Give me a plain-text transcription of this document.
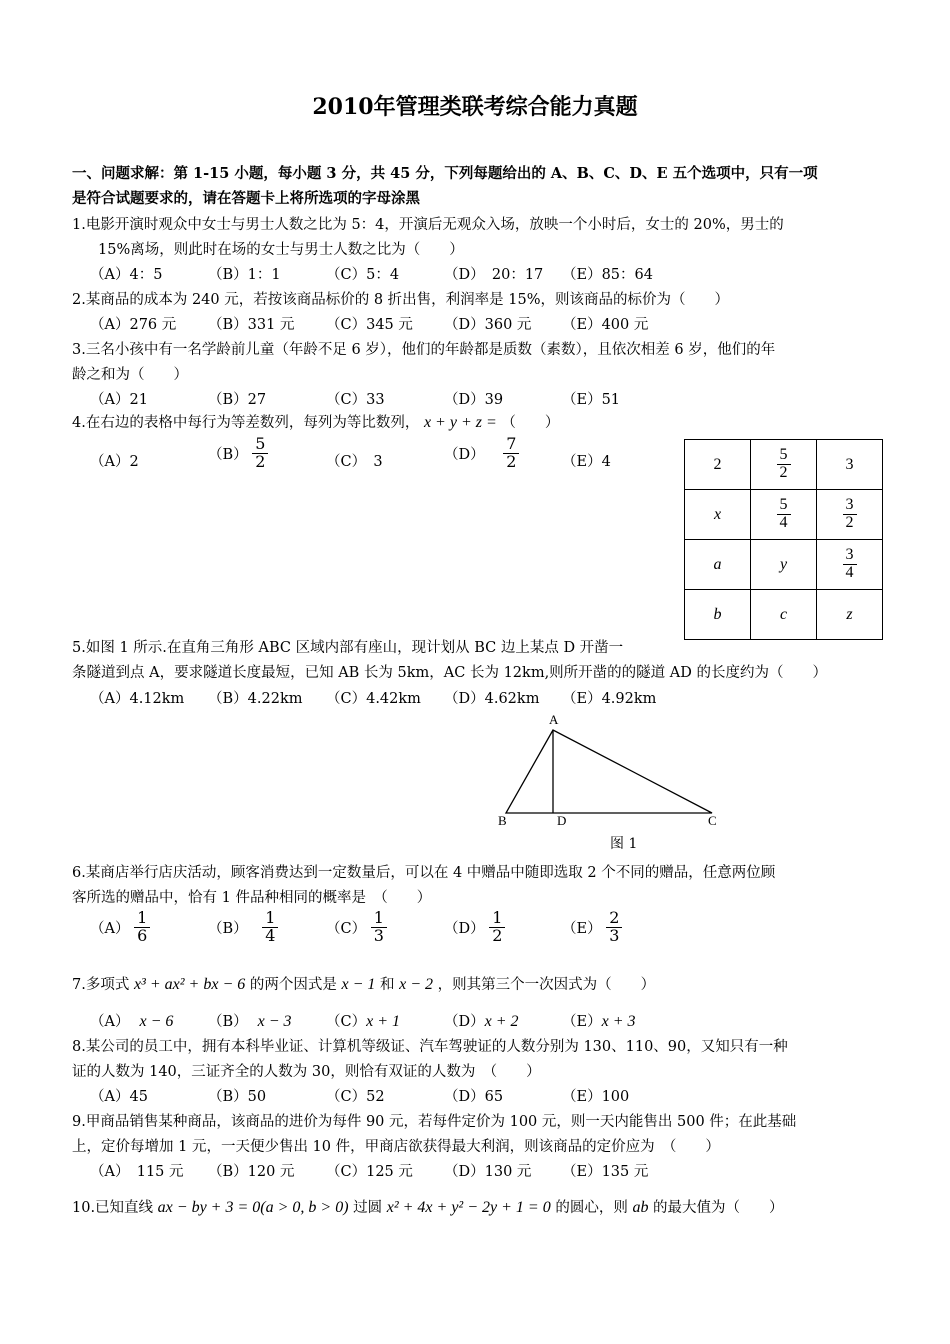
2010年管理类联考综合能力真题
一、问题求解：第 1-15 小题，每小题 3 分，共 45 分，下列每题给出的 A、B、C、D、E 五个选项中，只有一项
是符合试题要求的，请在答题卡上将所选项的字母涂黑
1.电影开演时观众中女士与男士人数之比为 5：4，开演后无观众入场，放映一个小时后，女士的 20%，男士的
15%离场，则此时在场的女士与男士人数之比为（　　）
（A）4：5	（B）1：1	（C）5：4	（D）　20：17 （E）85：64
2.某商品的成本为 240 元，若按该商品标价的 8 折出售，利润率是 15%，则该商品的标价为（　　）
（A）276 元 （B）331 元 （C）345 元 （D）360 元 （E）400 元
3.三名小孩中有一名学龄前儿童（年龄不足 6 岁），他们的年龄都是质数（素数），且依次相差 6 岁，他们的年
龄之和为（　　）
（A）21	（B）27	（C）33	（D）39	（E）51
4.在右边的表格中每行为等差数列，每列为等比数列， x + y + z = （　　）
（A）2	$(B) \frac{5}{2}$	（C）　3	$(D) \frac{7}{2}$	（E）4	2	$\frac{5}{2}$	3
x	$\frac{5}{4}$	$\frac{3}{2}$

a	y	$\frac{3}{4}$

b	c	z
5.如图 1 所示.在直角三角形 ABC 区域内部有座山，现计划从 BC 边上某点 D 开凿一
条隧道到点 A，要求隧道长度最短，已知 AB 长为 5km，AC 长为 12km,则所开凿的的隧道 AD 的长度约为（　　）
（A）4.12km （B）4.22km （C）4.42km （D）4.62km （E）4.92km
A
B	D	C
图 1
6.某商店举行店庆活动，顾客消费达到一定数量后，可以在 4 中赠品中随即选取 2 个不同的赠品，任意两位顾
客所选的赠品中，恰有 1 件品种相同的概率是　（　　）
$(A) \frac{1}{6}$	$(B) \frac{1}{4}$	$(C) \frac{1}{3}$	$(D) \frac{1}{2}$	$(E) \frac{2}{3}$
7.多项式 x³ + ax² + bx − 6 的两个因式是 x − 1 和 x − 2 ，则其第三个一次因式为（　　）
（A） x − 6 （B） x − 3 （C）x + 1	（D）x + 2	（E）x + 3
8.某公司的员工中，拥有本科毕业证、计算机等级证、汽车驾驶证的人数分别为 130、110、90，又知只有一种
证的人数为 140，三证齐全的人数为 30，则恰有双证的人数为　（　　）
（A）45	（B）50	（C）52	（D）65	（E）100
9.甲商品销售某种商品，该商品的进价为每件 90 元，若每件定价为 100 元，则一天内能售出 500 件；在此基础
上，定价每增加 1 元，一天便少售出 10 件，甲商店欲获得最大利润，则该商品的定价应为　（　　）
（A）　115 元 （B）120 元 （C）125 元 （D）130 元 （E）135 元
10.已知直线 ax − by + 3 = 0(a > 0, b > 0) 过圆 x² + 4x + y² − 2y + 1 = 0 的圆心，则 ab 的最大值为（　　）
